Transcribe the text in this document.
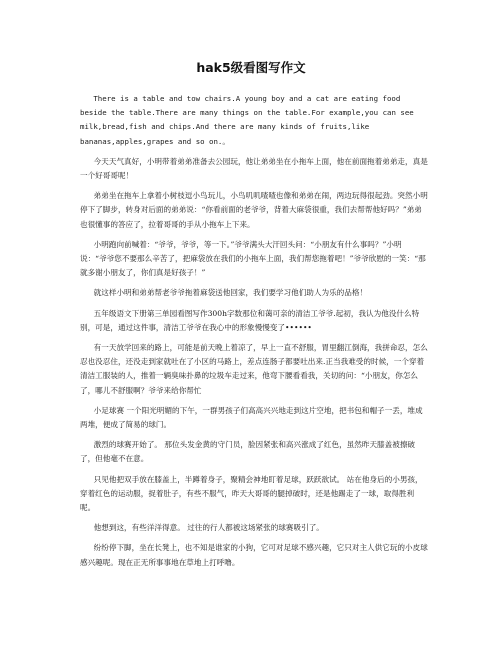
hak5级看图写作文

There is a table and tow chairs.A young boy and a cat are eating food beside the table.There are many things on the table.For example,you can see milk,bread,fish and chips.And there are many kinds of fruits,like bananas,apples,grapes and so on.。

今天天气真好，小明带着弟弟准备去公园玩，他让弟弟坐在小拖车上面，他在前面拖着弟弟走，真是一个好哥哥呢！

弟弟坐在拖车上拿着小树枝逗小鸟玩儿，小鸟叽叽喳喳也像和弟弟在闹，两边玩得很起劲。突然小明停下了脚步，转身对后面的弟弟说：“你看前面的老爷爷，背着大麻袋很重，我们去帮帮他好吗？”弟弟也很懂事的答应了，拉着哥哥的手从小拖车上下来。

小明跑向前喊着：“爷爷，爷爷，等一下。”爷爷满头大汗回头问：“小朋友有什么事吗？”小明说：“爷爷您不要那么辛苦了，把麻袋放在我们的小拖车上面，我们帮您拖着吧！”爷爷欣慰的一笑：“那就多谢小朋友了，你们真是好孩子！”

就这样小明和弟弟帮老爷爷拖着麻袋送他回家，我们要学习他们助人为乐的品格！

五年级语文下册第三单园看图写作300h字数那位和蔼可亲的清洁工爷爷.起初，我认为他没什么特别，可是，通过这件事，清洁工爷爷在我心中的形象慢慢变了••••••

有一天放学回来的路上，可能是前天晚上着凉了，早上一直不舒服，胃里翻江倒海，我拼命忍，怎么忍也没忍住，还没走到家就吐在了小区的马路上，差点连肠子都要吐出来.正当我难受的时候，一个穿着清洁工服装的人，推着一辆臭味扑鼻的垃圾车走过来，他弯下腰看看我，关切的问：“小朋友，你怎么了，哪儿不舒服啊？爷爷来给你帮忙

小足球赛 一个阳光明媚的下午，一群男孩子们高高兴兴地走到这片空地，把书包和帽子一丢，堆成两堆，便成了简易的球门。

激烈的球赛开始了。 那位头发金黄的守门员，脸因紧张和高兴涨成了红色，虽然昨天膝盖被擦破了，但他毫不在意。

只见他把双手放在膝盖上，半蹲着身子，聚精会神地盯着足球，跃跃欲试。 站在他身后的小男孩，穿着红色的运动服，捉着肚子，有些不服气，昨天大哥哥的腿掉破时，还是他踢走了一球，取得胜利呢。

他想到这，有些洋洋得意。 过往的行人都被这场紧张的球赛吸引了。

纷纷停下脚，坐在长凳上，也不知是谁家的小狗，它可对足球不感兴趣，它只对主人供它玩的小皮球感兴趣呢。现在正无所事事地在草地上打呼噜。
